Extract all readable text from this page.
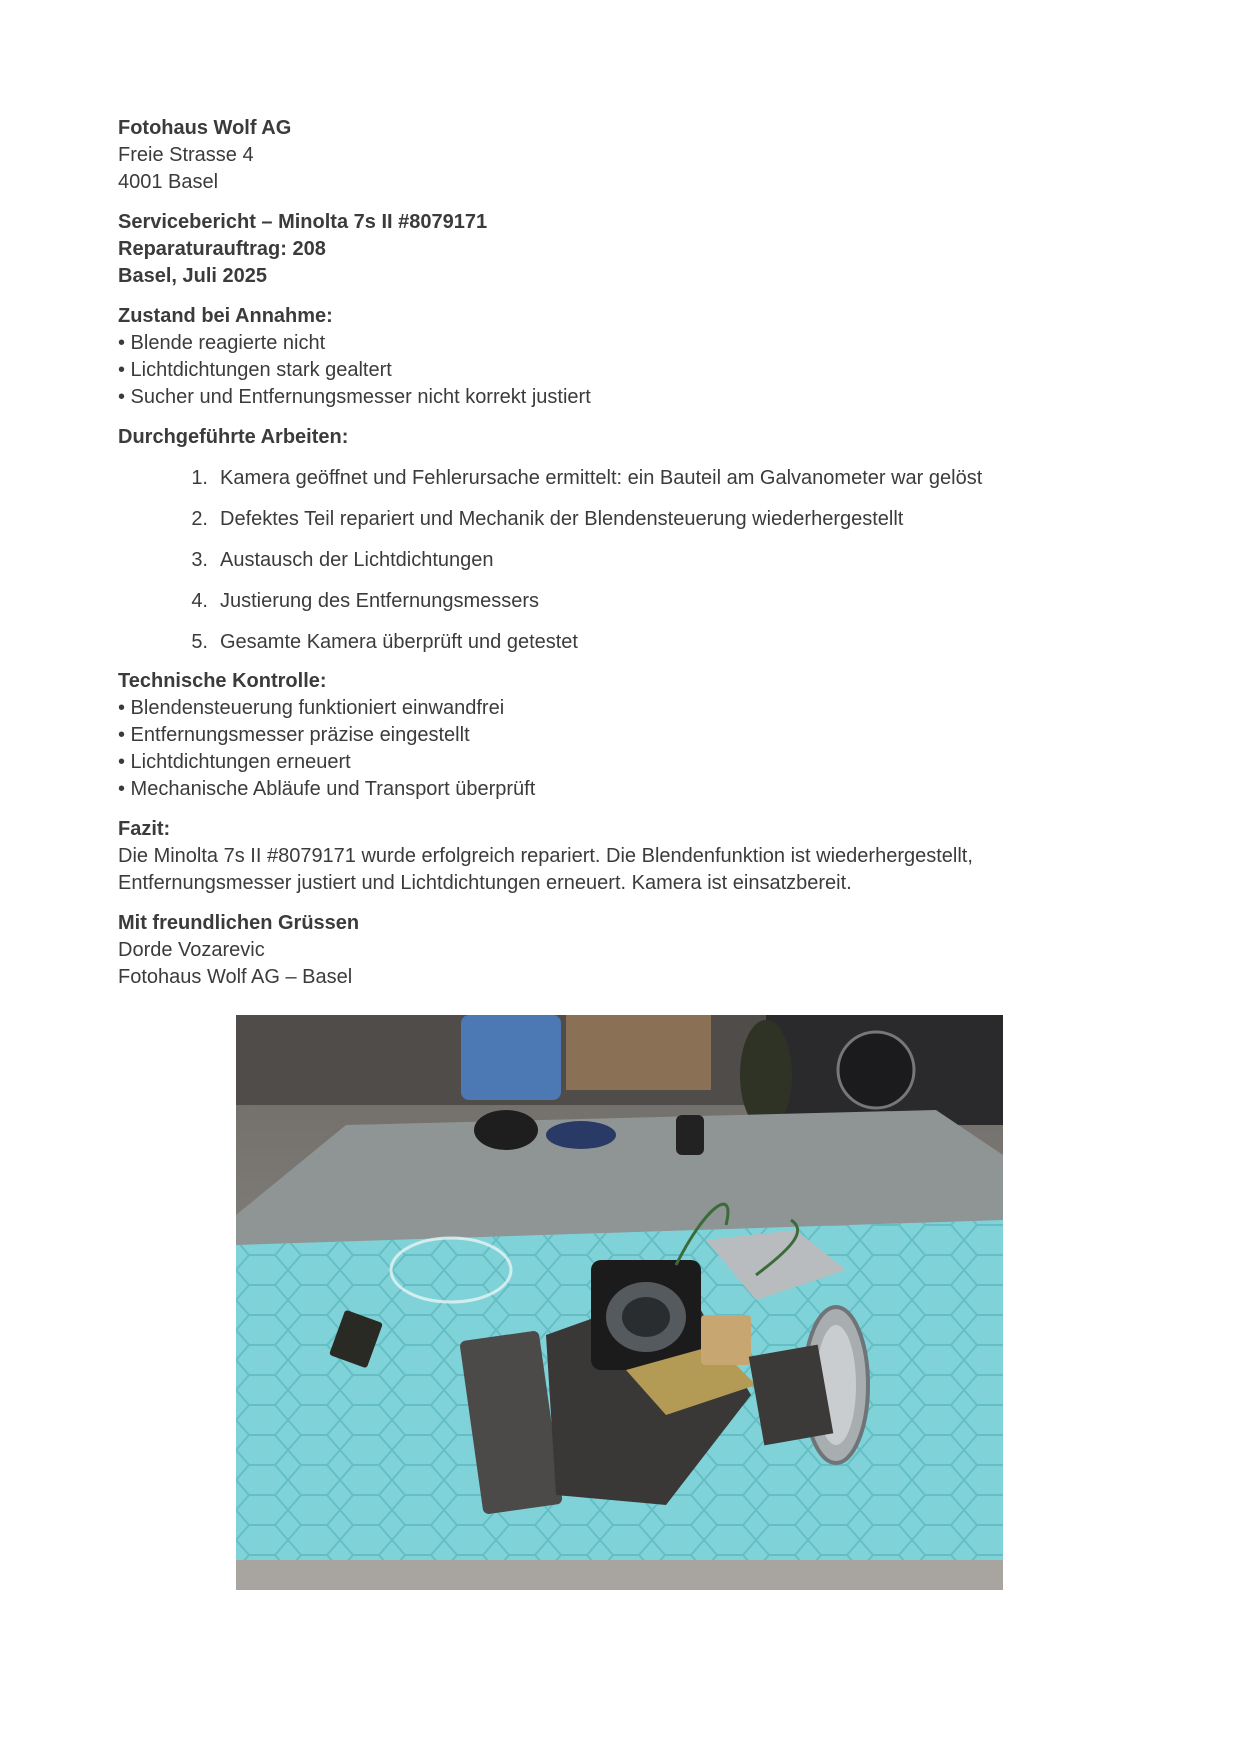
Fotohaus Wolf AG
Freie Strasse 4
4001 Basel
Servicebericht – Minolta 7s II #8079171
Reparaturauftrag: 208
Basel, Juli 2025
Zustand bei Annahme:
• Blende reagierte nicht
• Lichtdichtungen stark gealtert
• Sucher und Entfernungsmesser nicht korrekt justiert
Durchgeführte Arbeiten:
1. Kamera geöffnet und Fehlerursache ermittelt: ein Bauteil am Galvanometer war gelöst
2. Defektes Teil repariert und Mechanik der Blendensteuerung wiederhergestellt
3. Austausch der Lichtdichtungen
4. Justierung des Entfernungsmessers
5. Gesamte Kamera überprüft und getestet
Technische Kontrolle:
• Blendensteuerung funktioniert einwandfrei
• Entfernungsmesser präzise eingestellt
• Lichtdichtungen erneuert
• Mechanische Abläufe und Transport überprüft
Fazit:
Die Minolta 7s II #8079171 wurde erfolgreich repariert. Die Blendenfunktion ist wiederhergestellt,
Entfernungsmesser justiert und Lichtdichtungen erneuert. Kamera ist einsatzbereit.
Mit freundlichen Grüssen
Dorde Vozarevic
Fotohaus Wolf AG – Basel
